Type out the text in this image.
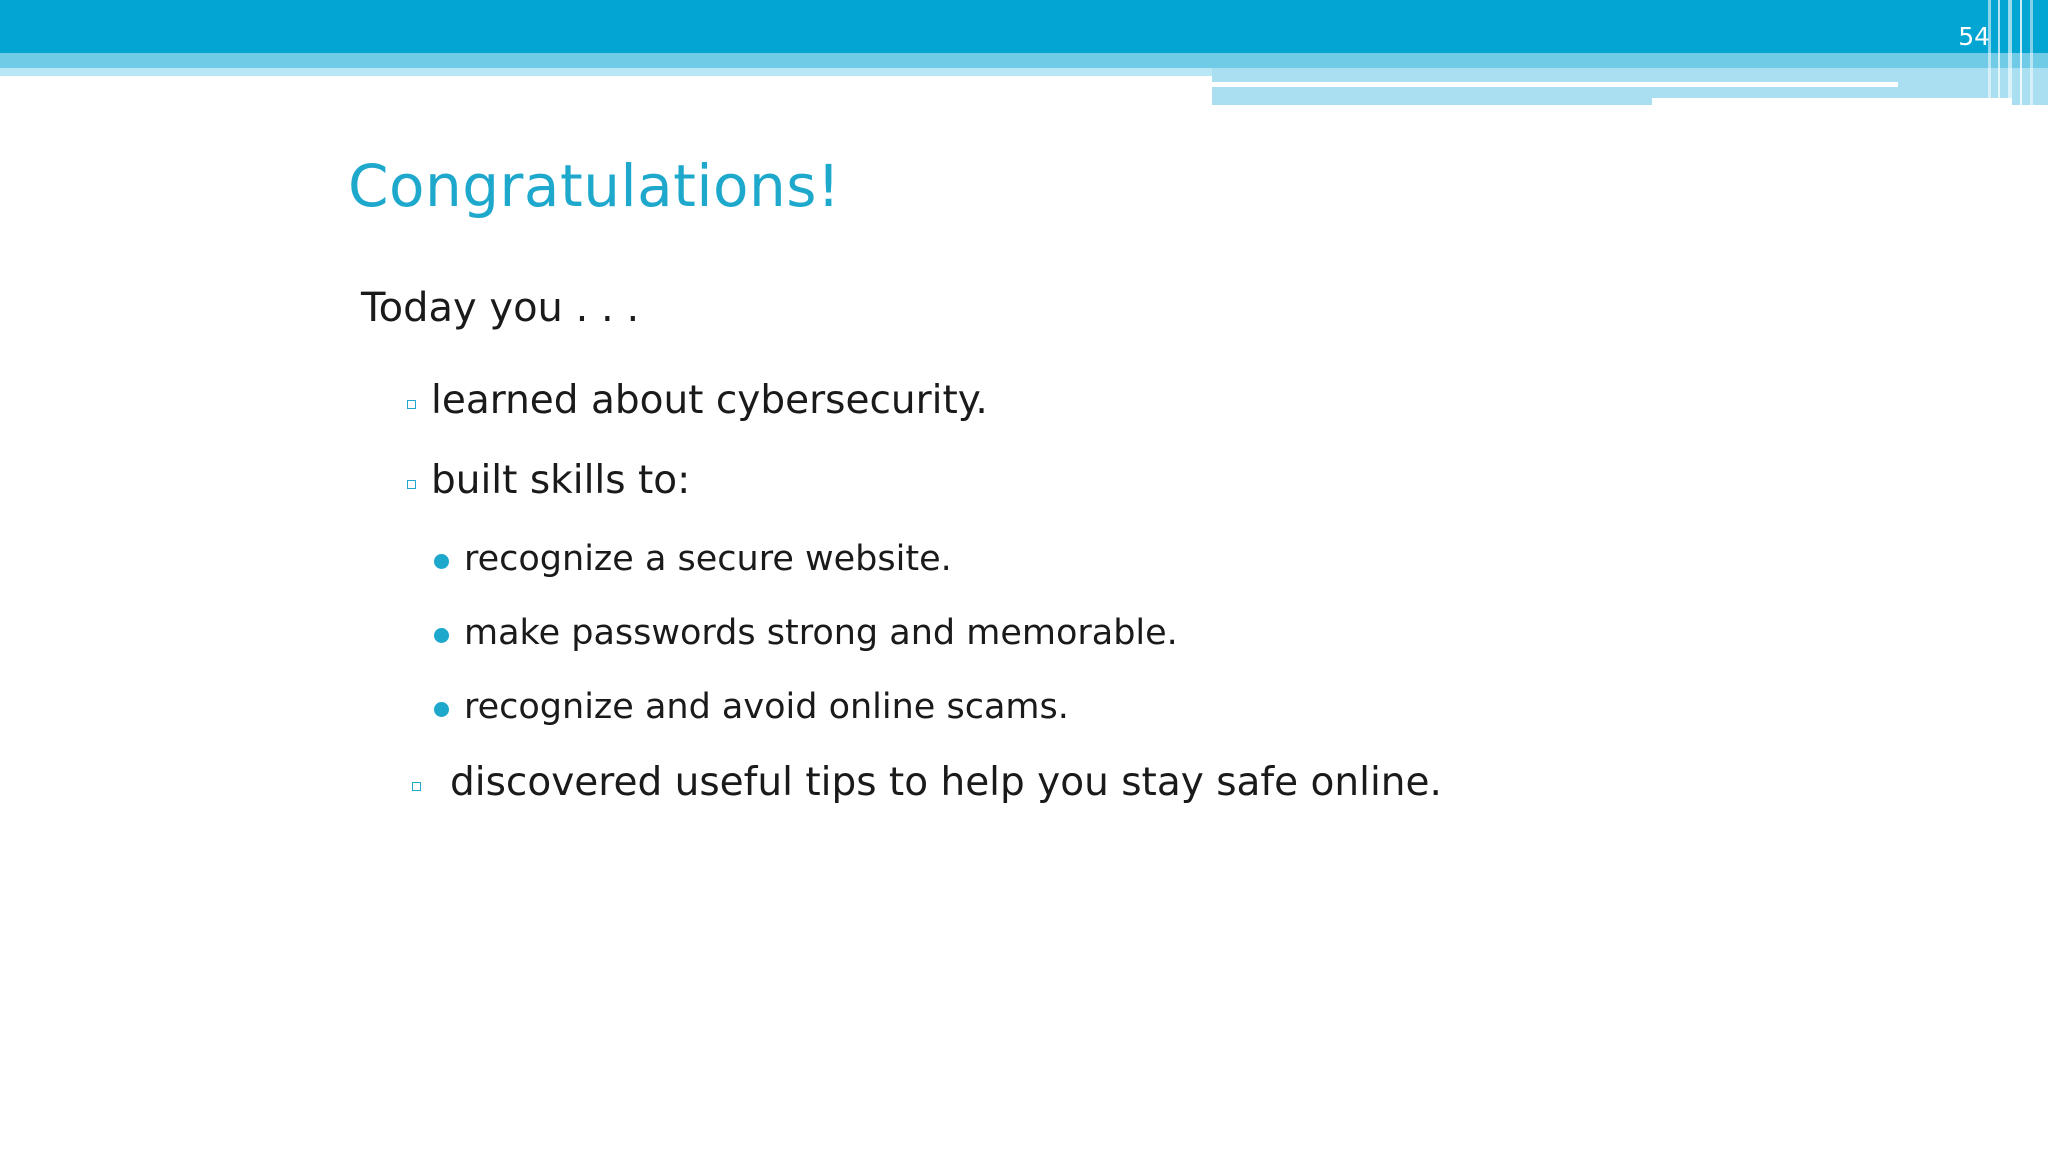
54
Congratulations!
Today you . . .
learned about cybersecurity.
built skills to:
recognize a secure website.
make passwords strong and memorable.
recognize and avoid online scams.
discovered useful tips to help you stay safe online.
